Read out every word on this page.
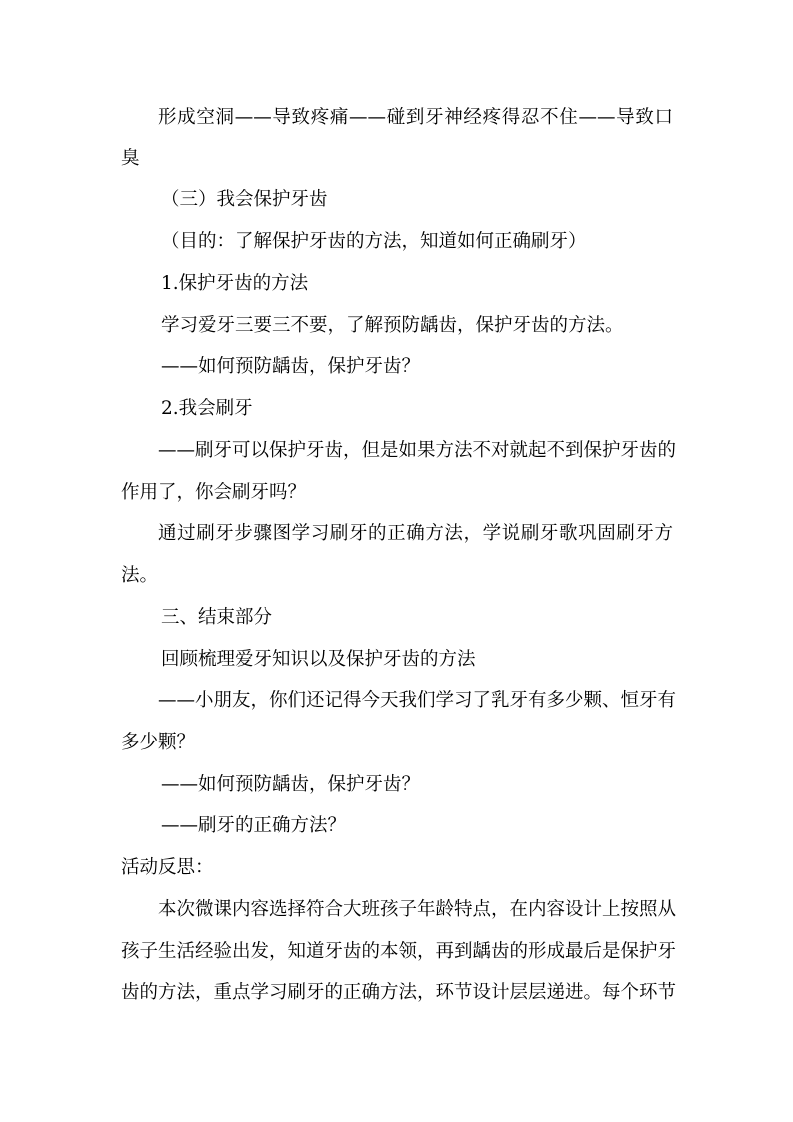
形成空洞——导致疼痛——碰到牙神经疼得忍不住——导致口
臭
（三）我会保护牙齿
（目的：了解保护牙齿的方法，知道如何正确刷牙）
1.保护牙齿的方法
学习爱牙三要三不要，了解预防龋齿，保护牙齿的方法。
——如何预防龋齿，保护牙齿？
2.我会刷牙
——刷牙可以保护牙齿，但是如果方法不对就起不到保护牙齿的
作用了，你会刷牙吗？
通过刷牙步骤图学习刷牙的正确方法，学说刷牙歌巩固刷牙方
法。
三、结束部分
回顾梳理爱牙知识以及保护牙齿的方法
——小朋友，你们还记得今天我们学习了乳牙有多少颗、恒牙有
多少颗？
——如何预防龋齿，保护牙齿？
——刷牙的正确方法？
活动反思：
本次微课内容选择符合大班孩子年龄特点，在内容设计上按照从
孩子生活经验出发，知道牙齿的本领，再到龋齿的形成最后是保护牙
齿的方法，重点学习刷牙的正确方法，环节设计层层递进。每个环节
